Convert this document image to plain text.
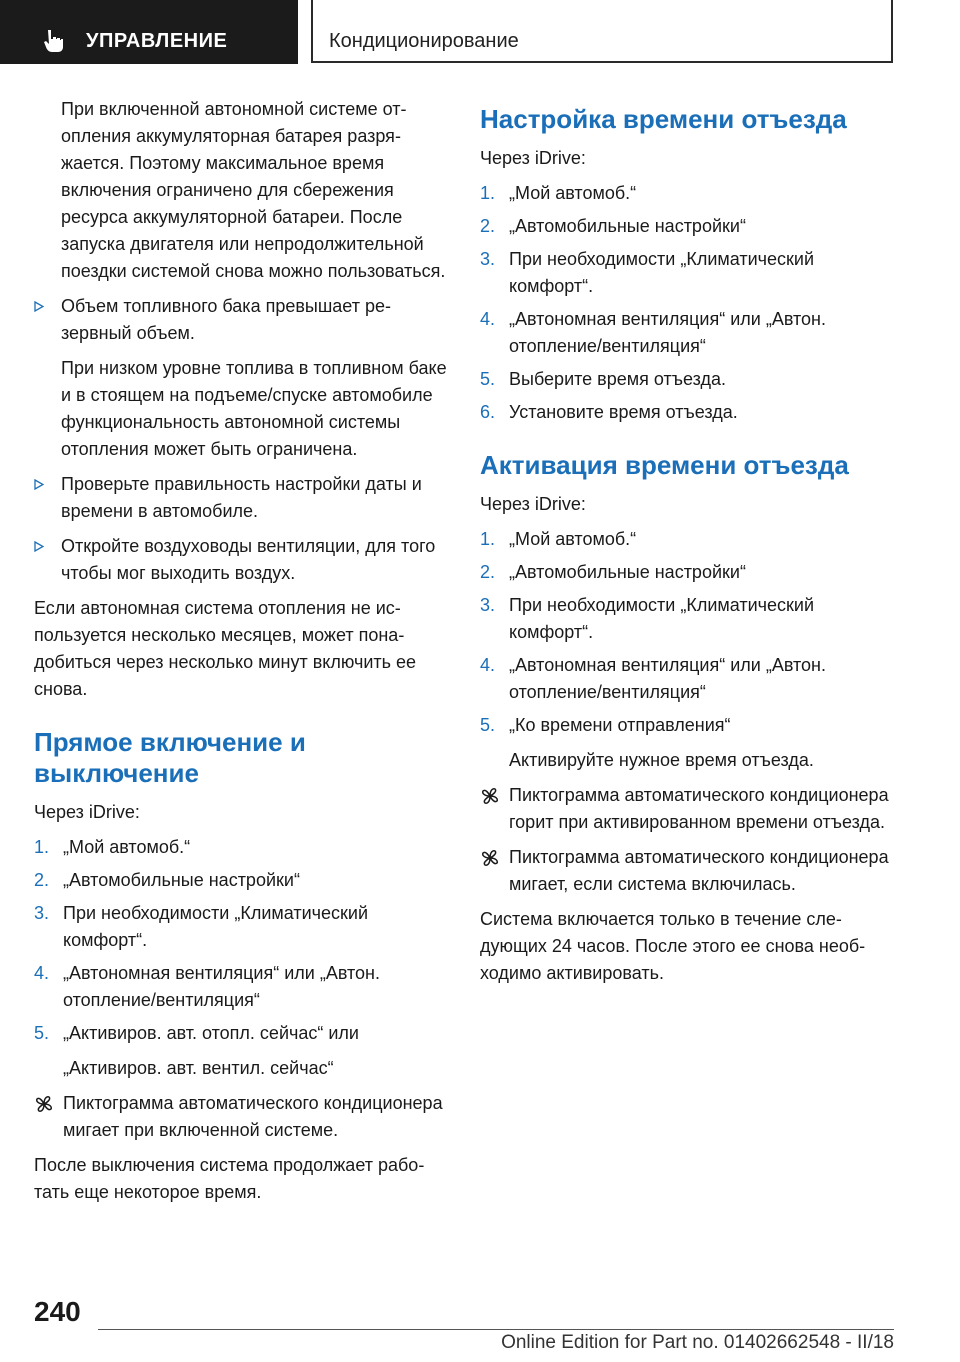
УПРАВЛЕНИЕ	Кондиционирование

При включенной автономной системе отопления аккумуляторная батарея разряжается. Поэтому максимальное время включения ограничено для сбережения ресурса аккумуляторной батареи. После запуска двигателя или непродолжительной поездки системой снова можно пользоваться.

Объем топливного бака превышает резервный объем.
При низком уровне топлива в топливном баке и в стоящем на подъеме/спуске автомобиле функциональность автономной системы отопления может быть ограничена.
Проверьте правильность настройки даты и времени в автомобиле.
Откройте воздуховоды вентиляции, для того чтобы мог выходить воздух.

Если автономная система отопления не используется несколько месяцев, может понадобиться через несколько минут включить ее снова.

Прямое включение и выключение

Через iDrive:

1. „Мой автомоб.“
2. „Автомобильные настройки“
3. При необходимости „Климатический комфорт“.
4. „Автономная вентиляция“ или „Автон. отопление/вентиляция“
5. „Активиров. авт. отопл. сейчас“ или

„Активиров. авт. вентил. сейчас“

Пиктограмма автоматического кондиционера мигает при включенной системе.

После выключения система продолжает работать еще некоторое время.

Настройка времени отъезда

Через iDrive:

1. „Мой автомоб.“
2. „Автомобильные настройки“
3. При необходимости „Климатический комфорт“.
4. „Автономная вентиляция“ или „Автон. отопление/вентиляция“
5. Выберите время отъезда.
6. Установите время отъезда.
Активация времени отъезда

Через iDrive:

1. „Мой автомоб.“
2. „Автомобильные настройки“
3. При необходимости „Климатический комфорт“.
4. „Автономная вентиляция“ или „Автон. отопление/вентиляция“
5. „Ко времени отправления“

Активируйте нужное время отъезда.

Пиктограмма автоматического кондиционера горит при активированном времени отъезда.
Пиктограмма автоматического кондиционера мигает, если система включилась.

Система включается только в течение следующих 24 часов. После этого ее снова необходимо активировать.

240
Online Edition for Part no. 01402662548 - II/18
